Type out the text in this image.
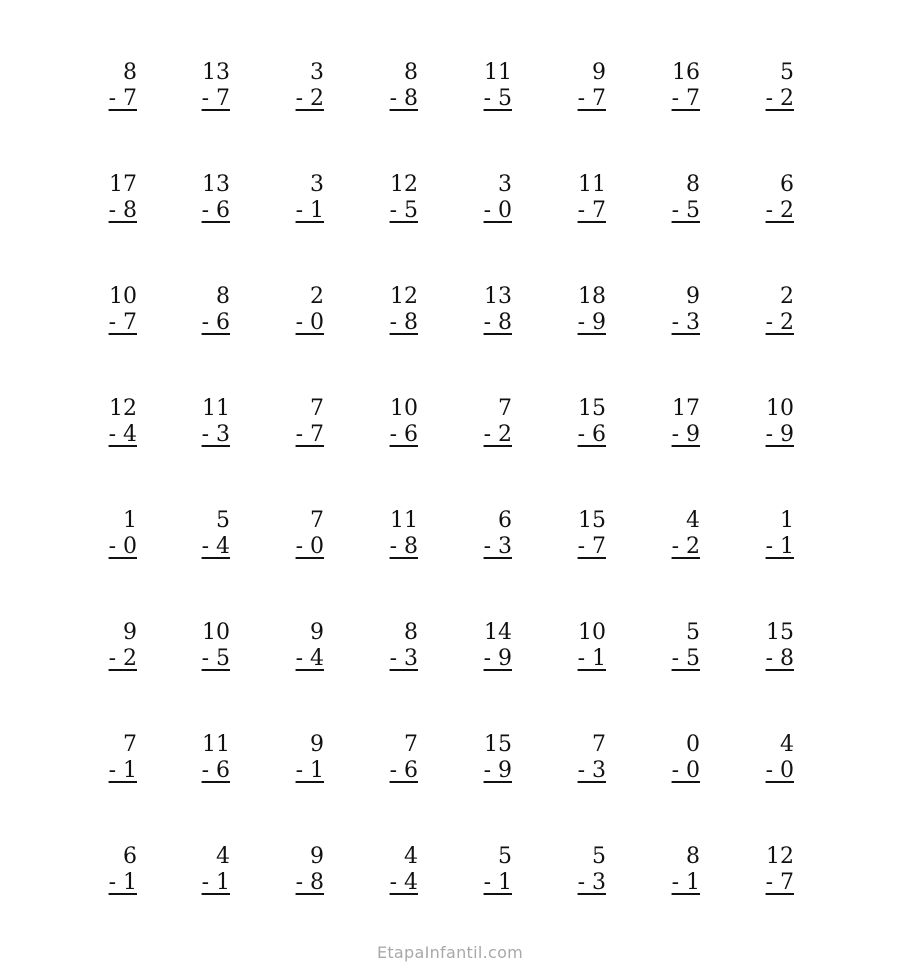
8
- 7
13
- 7
3
- 2
8
- 8
11
- 5
9
- 7
16
- 7
5
- 2
17
- 8
13
- 6
3
- 1
12
- 5
3
- 0
11
- 7
8
- 5
6
- 2
10
- 7
8
- 6
2
- 0
12
- 8
13
- 8
18
- 9
9
- 3
2
- 2
12
- 4
11
- 3
7
- 7
10
- 6
7
- 2
15
- 6
17
- 9
10
- 9
1
- 0
5
- 4
7
- 0
11
- 8
6
- 3
15
- 7
4
- 2
1
- 1
9
- 2
10
- 5
9
- 4
8
- 3
14
- 9
10
- 1
5
- 5
15
- 8
7
- 1
11
- 6
9
- 1
7
- 6
15
- 9
7
- 3
0
- 0
4
- 0
6
- 1
4
- 1
9
- 8
4
- 4
5
- 1
5
- 3
8
- 1
12
- 7
EtapaInfantil.com
